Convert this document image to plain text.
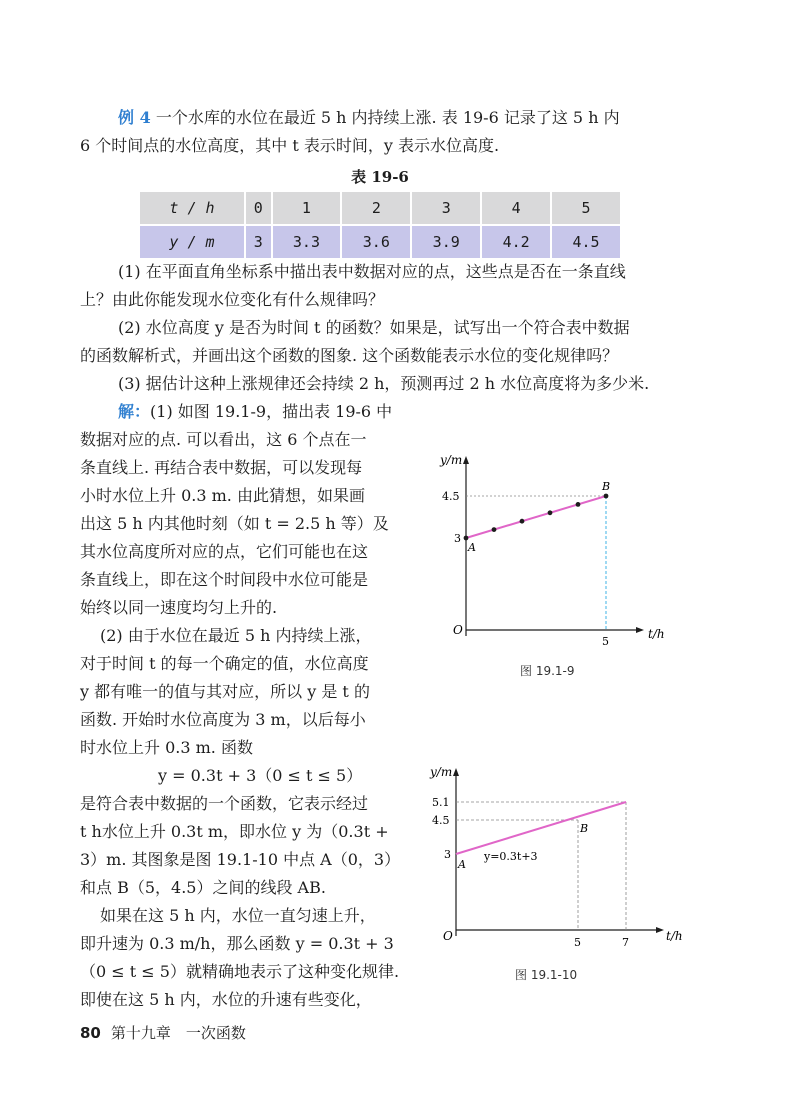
例 4 一个水库的水位在最近 5 h 内持续上涨. 表 19-6 记录了这 5 h 内
6 个时间点的水位高度，其中 t 表示时间，y 表示水位高度.
表 19-6
t / h	0	1	2	3	4	5
y / m	3	3.3	3.6	3.9	4.2	4.5
(1) 在平面直角坐标系中描出表中数据对应的点，这些点是否在一条直线
上？由此你能发现水位变化有什么规律吗？
(2) 水位高度 y 是否为时间 t 的函数？如果是，试写出一个符合表中数据
的函数解析式，并画出这个函数的图象. 这个函数能表示水位的变化规律吗？
(3) 据估计这种上涨规律还会持续 2 h，预测再过 2 h 水位高度将为多少米.
解：(1) 如图 19.1-9，描出表 19-6 中
数据对应的点. 可以看出，这 6 个点在一
条直线上. 再结合表中数据，可以发现每
小时水位上升 0.3 m. 由此猜想，如果画
出这 5 h 内其他时刻（如 t = 2.5 h 等）及
其水位高度所对应的点，它们可能也在这
条直线上，即在这个时间段中水位可能是
始终以同一速度均匀上升的.
(2) 由于水位在最近 5 h 内持续上涨，
对于时间 t 的每一个确定的值，水位高度
y 都有唯一的值与其对应，所以 y 是 t 的
函数. 开始时水位高度为 3 m，以后每小
时水位上升 0.3 m. 函数
y = 0.3t + 3（0 ≤ t ≤ 5）
是符合表中数据的一个函数，它表示经过
t h水位上升 0.3t m，即水位 y 为（0.3t +
3）m. 其图象是图 19.1-10 中点 A（0，3）
和点 B（5，4.5）之间的线段 AB.
如果在这 5 h 内，水位一直匀速上升，
即升速为 0.3 m/h，那么函数 y = 0.3t + 3
（0 ≤ t ≤ 5）就精确地表示了这种变化规律.
即使在这 5 h 内，水位的升速有些变化，
y/m
t/h
O
4.5
3
5
A
B
图 19.1-9
y/m
t/h
O
5.1
4.5
3
5	7
A
B
y=0.3t+3
图 19.1-10
80 第十九章　一次函数
